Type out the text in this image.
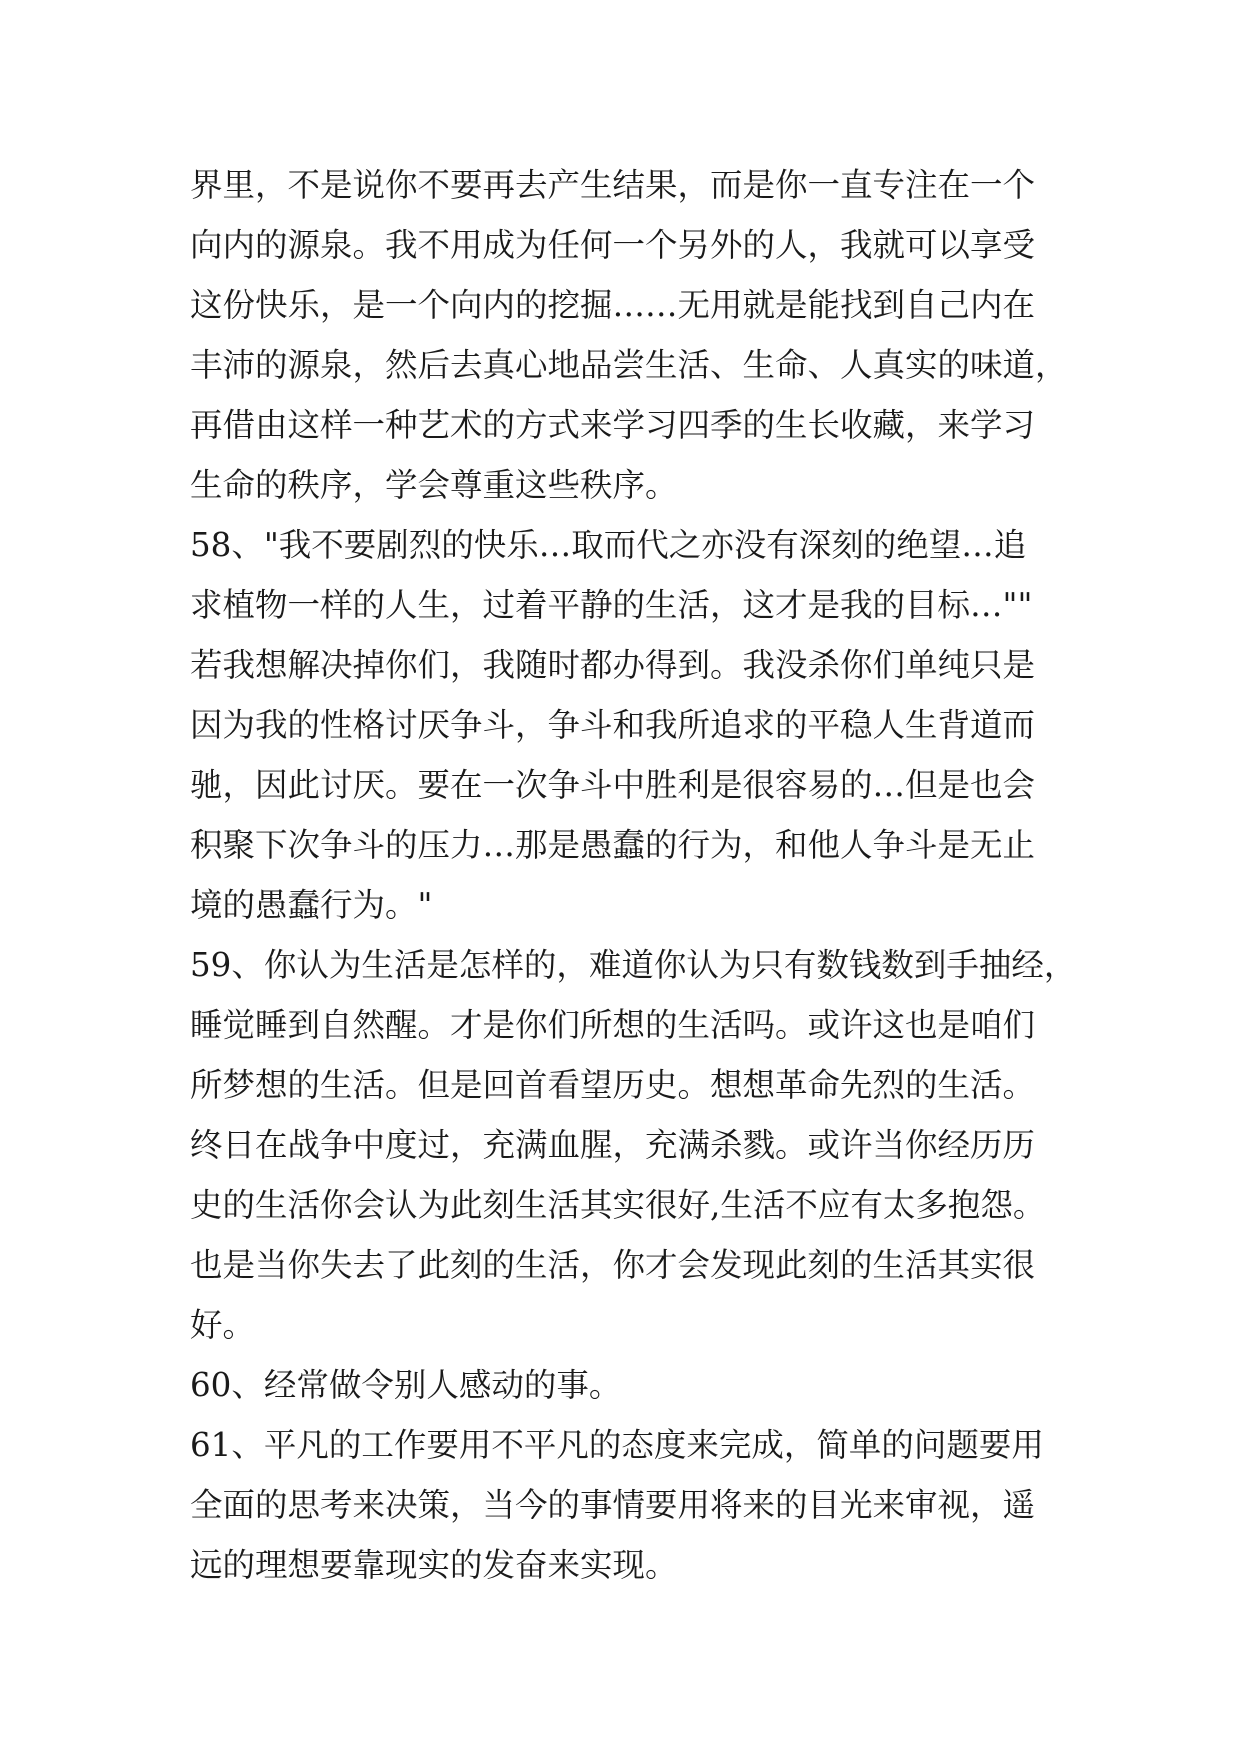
界里，不是说你不要再去产生结果，而是你一直专注在一个
向内的源泉。我不用成为任何一个另外的人，我就可以享受
这份快乐，是一个向内的挖掘……无用就是能找到自己内在
丰沛的源泉，然后去真心地品尝生活、生命、人真实的味道，
再借由这样一种艺术的方式来学习四季的生长收藏，来学习
生命的秩序，学会尊重这些秩序。
58、"我不要剧烈的快乐…取而代之亦没有深刻的绝望…追
求植物一样的人生，过着平静的生活，这才是我的目标…""
若我想解决掉你们，我随时都办得到。我没杀你们单纯只是
因为我的性格讨厌争斗，争斗和我所追求的平稳人生背道而
驰，因此讨厌。要在一次争斗中胜利是很容易的…但是也会
积聚下次争斗的压力…那是愚蠢的行为，和他人争斗是无止
境的愚蠢行为。"
59、你认为生活是怎样的，难道你认为只有数钱数到手抽经，
睡觉睡到自然醒。才是你们所想的生活吗。或许这也是咱们
所梦想的生活。但是回首看望历史。想想革命先烈的生活。
终日在战争中度过，充满血腥，充满杀戮。或许当你经历历
史的生活你会认为此刻生活其实很好,生活不应有太多抱怨。
也是当你失去了此刻的生活，你才会发现此刻的生活其实很
好。
60、经常做令别人感动的事。
61、平凡的工作要用不平凡的态度来完成，简单的问题要用
全面的思考来决策，当今的事情要用将来的目光来审视，遥
远的理想要靠现实的发奋来实现。
